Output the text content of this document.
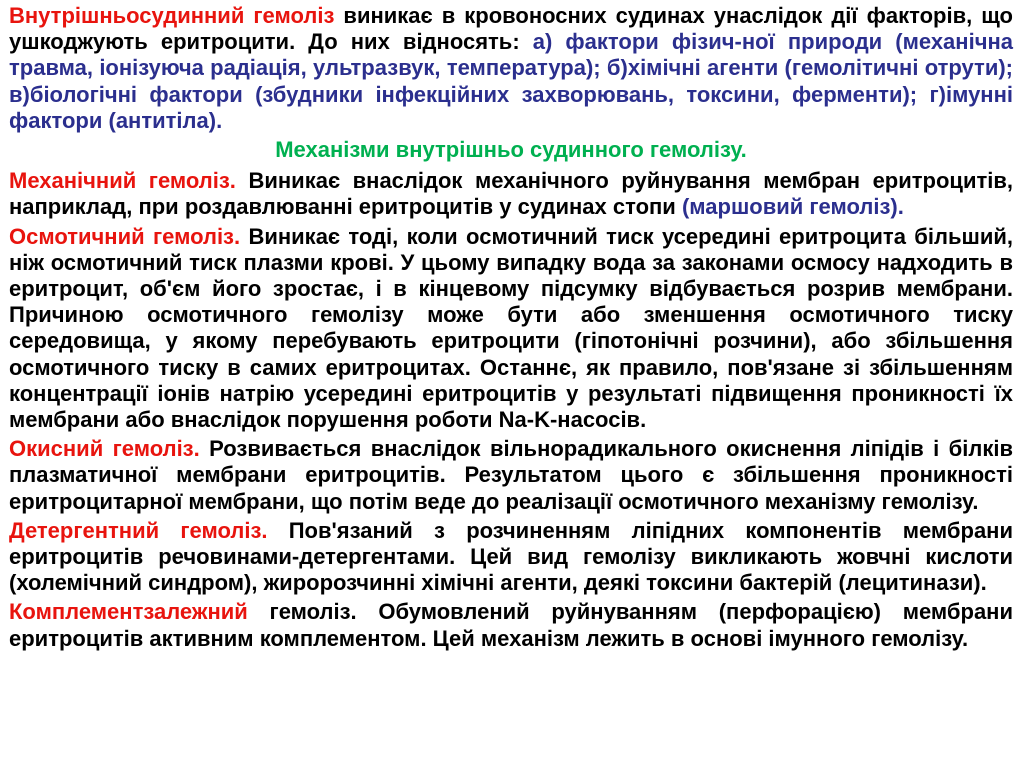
Внутрішньосудинний гемоліз виникає в кровоносних судинах унаслідок дії факторів, що ушкоджують еритроцити. До них відносять: а) фактори фізич-ної природи (механічна травма, іонізуюча радіація, ультразвук, температура); б)хімічні агенти (гемолітичні отрути); в)біологічні фактори (збудники інфекційних захворювань, токсини, ферменти); г)імунні фактори (антитіла).
Механізми внутрішньо судинного гемолізу.
Механічний гемоліз. Виникає внаслідок механічного руйнування мембран еритроцитів, наприклад, при роздавлюванні еритроцитів у судинах стопи (маршовий гемоліз).
Осмотичний гемоліз. Виникає тоді, коли осмотичний тиск усередині еритроцита більший, ніж осмотичний тиск плазми крові. У цьому випадку вода за законами осмосу надходить в еритроцит, об'єм його зростає, і в кінцевому підсумку відбувається розрив мембрани. Причиною осмотичного гемолізу може бути або зменшення осмотичного тиску середовища, у якому перебувають еритроцити (гіпотонічні розчини), або збільшення осмотичного тиску в самих еритроцитах. Останнє, як правило, пов'язане зі збільшенням концентрації іонів натрію усередині еритроцитів у результаті підвищення проникності їх мембрани або внаслідок порушення роботи Na-K-насосів.
Окисний гемоліз. Розвивається внаслідок вільнорадикального окиснення ліпідів і білків плазматичної мембрани еритроцитів. Результатом цього є збільшення проникності еритроцитарної мембрани, що потім веде до реалізації осмотичного механізму гемолізу.
Детергентний гемоліз. Пов'язаний з розчиненням ліпідних компонентів мембрани еритроцитів речовинами-детергентами. Цей вид гемолізу викликають жовчні кислоти (холемічний синдром), жиророзчинні хімічні агенти, деякі токсини бактерій (лецитинази).
Комплементзалежний гемоліз. Обумовлений руйнуванням (перфорацією) мембрани еритроцитів активним комплементом. Цей механізм лежить в основі імунного гемолізу.
